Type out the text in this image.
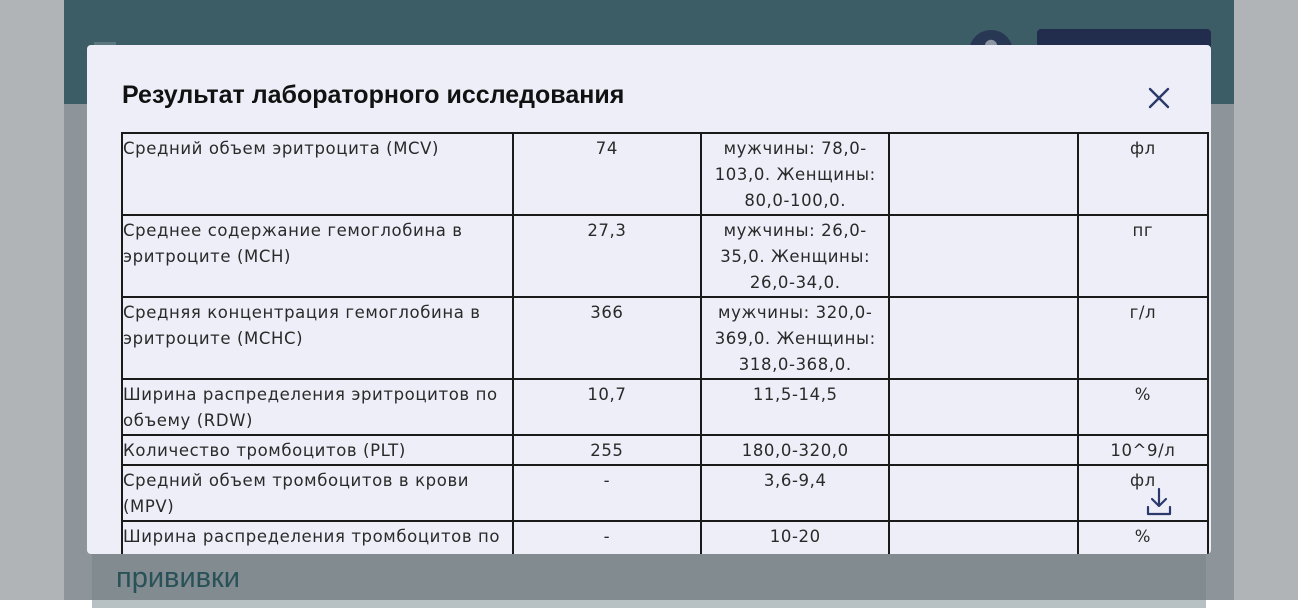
прививки
Результат лабораторного исследования

Средний объем эритроцита (MCV)	74	мужчины: 78,0-103,0. Женщины: 80,0-100,0.		фл
Среднее содержание гемоглобина в эритроците (MCH)	27,3	мужчины: 26,0-35,0. Женщины: 26,0-34,0.		пг
Средняя концентрация гемоглобина в эритроците (MCHC)	366	мужчины: 320,0-369,0. Женщины: 318,0-368,0.		г/л
Ширина распределения эритроцитов по объему (RDW)	10,7	11,5-14,5		%
Количество тромбоцитов (PLT)	255	180,0-320,0		10^9/л
Средний объем тромбоцитов в крови (MPV)	-	3,6-9,4		фл
Ширина распределения тромбоцитов по	-	10-20		%
